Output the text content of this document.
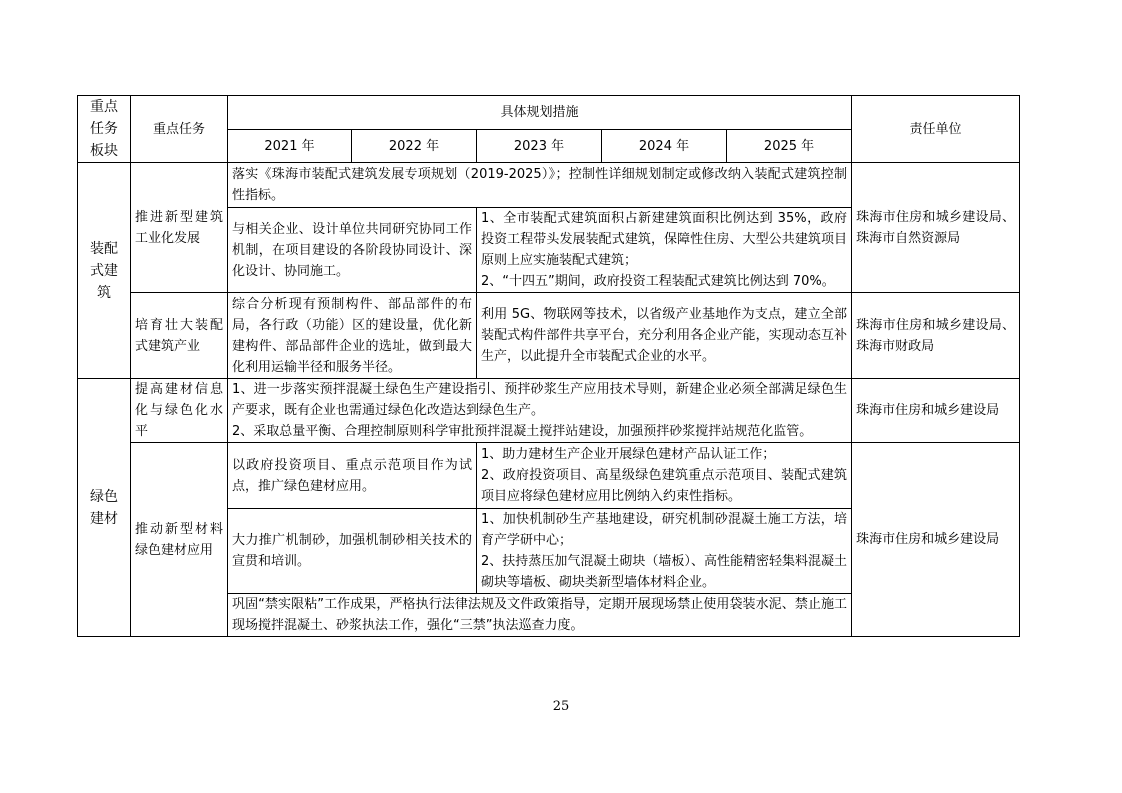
重点
任务
板块	重点任务	具体规划措施					责任单位
		2021 年	2022 年	2023 年	2024 年	2025 年	
装配
式建
筑	推进新型建筑工业化发展	落实《珠海市装配式建筑发展专项规划（2019-2025）》；控制性详细规划制定或修改纳入装配式建筑控制性指标。					珠海市住房和城乡建设局、珠海市自然资源局
		与相关企业、设计单位共同研究协同工作机制，在项目建设的各阶段协同设计、深化设计、协同施工。		1、全市装配式建筑面积占新建建筑面积比例达到 35%，政府投资工程带头发展装配式建筑，保障性住房、大型公共建筑项目原则上应实施装配式建筑；
2、“十四五”期间，政府投资工程装配式建筑比例达到 70%。			
	培育壮大装配式建筑产业	综合分析现有预制构件、部品部件的布局，各行政（功能）区的建设量，优化新建构件、部品部件企业的选址，做到最大化利用运输半径和服务半径。		利用 5G、物联网等技术，以省级产业基地作为支点，建立全部装配式构件部件共享平台，充分利用各企业产能，实现动态互补生产，以此提升全市装配式企业的水平。			珠海市住房和城乡建设局、珠海市财政局
绿色
建材	提高建材信息化与绿色化水平	1、进一步落实预拌混凝土绿色生产建设指引、预拌砂浆生产应用技术导则，新建企业必须全部满足绿色生产要求，既有企业也需通过绿色化改造达到绿色生产。
2、采取总量平衡、合理控制原则科学审批预拌混凝土搅拌站建设，加强预拌砂浆搅拌站规范化监管。					珠海市住房和城乡建设局
	推动新型材料绿色建材应用	以政府投资项目、重点示范项目作为试点，推广绿色建材应用。		1、助力建材生产企业开展绿色建材产品认证工作；
2、政府投资项目、高星级绿色建筑重点示范项目、装配式建筑项目应将绿色建材应用比例纳入约束性指标。			珠海市住房和城乡建设局
		大力推广机制砂，加强机制砂相关技术的宣贯和培训。		1、加快机制砂生产基地建设，研究机制砂混凝土施工方法，培育产学研中心；
2、扶持蒸压加气混凝土砌块（墙板）、高性能精密轻集料混凝土砌块等墙板、砌块类新型墙体材料企业。			
		巩固“禁实限粘”工作成果，严格执行法律法规及文件政策指导，定期开展现场禁止使用袋装水泥、禁止施工现场搅拌混凝土、砂浆执法工作，强化“三禁”执法巡查力度。					
25
